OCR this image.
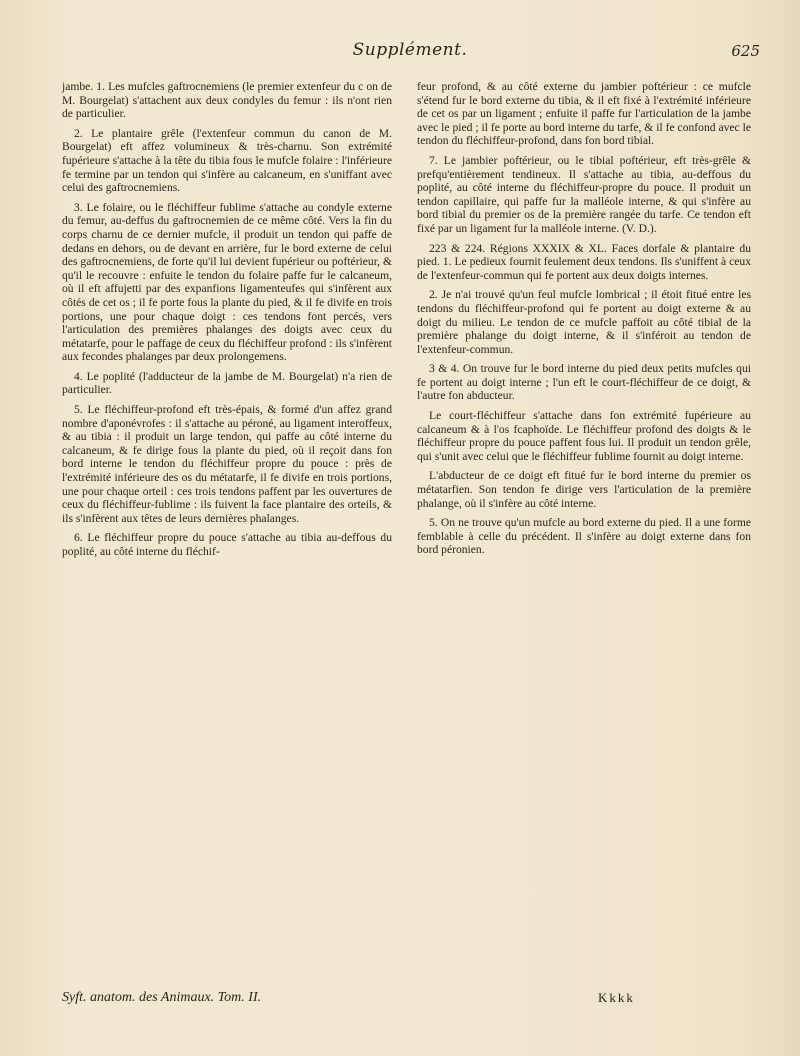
Supplément.	625

jambe. 1. Les mufcles gaftrocnemiens (le premier extenfeur du c on de M. Bourgelat) s'attachent aux deux condyles du femur : ils n'ont rien de particulier.

2. Le plantaire grêle (l'extenfeur commun du canon de M. Bourgelat) eft affez volumineux & très-charnu. Son extrémité fupérieure s'attache à la tête du tibia fous le mufcle folaire : l'inférieure fe termine par un tendon qui s'infère au calcaneum, en s'uniffant avec celui des gaftrocnemiens.

3. Le folaire, ou le fléchiffeur fublime s'attache au condyle externe du femur, au-deffus du gaftrocnemien de ce même côté. Vers la fin du corps charnu de ce dernier mufcle, il produit un tendon qui paffe de dedans en dehors, ou de devant en arrière, fur le bord externe de celui des gaftrocnemiens, de forte qu'il lui devient fupérieur ou poftérieur, & qu'il le recouvre : enfuite le tendon du folaire paffe fur le calcaneum, où il eft affujetti par des expanfions ligamenteufes qui s'infèrent aux côtés de cet os ; il fe porte fous la plante du pied, & il fe divife en trois portions, une pour chaque doigt : ces tendons font percés, vers l'articulation des premières phalanges des doigts avec ceux du métatarfe, pour le paffage de ceux du fléchiffeur profond : ils s'infèrent aux fecondes phalanges par deux prolongemens.

4. Le poplité (l'adducteur de la jambe de M. Bourgelat) n'a rien de particulier.

5. Le fléchiffeur-profond eft très-épais, & formé d'un affez grand nombre d'aponévrofes : il s'attache au péroné, au ligament interoffeux, & au tibia : il produit un large tendon, qui paffe au côté interne du calcaneum, & fe dirige fous la plante du pied, où il reçoit dans fon bord interne le tendon du fléchiffeur propre du pouce : près de l'extrémité inférieure des os du métatarfe, il fe divife en trois portions, une pour chaque orteil : ces trois tendons paffent par les ouvertures de ceux du fléchiffeur-fublime : ils fuivent la face plantaire des orteils, & ils s'infèrent aux têtes de leurs dernières phalanges.

6. Le fléchiffeur propre du pouce s'attache au tibia au-deffous du poplité, au côté interne du fléchif-

feur profond, & au côté externe du jambier poftérieur : ce mufcle s'étend fur le bord externe du tibia, & il eft fixé à l'extrémité inférieure de cet os par un ligament ; enfuite il paffe fur l'articulation de la jambe avec le pied ; il fe porte au bord interne du tarfe, & il fe confond avec le tendon du fléchiffeur-profond, dans fon bord tibial.

7. Le jambier poftérieur, ou le tibial poftérieur, eft très-grêle & prefqu'entièrement tendineux. Il s'attache au tibia, au-deffous du poplité, au côté interne du fléchiffeur-propre du pouce. Il produit un tendon capillaire, qui paffe fur la malléole interne, & qui s'infère au bord tibial du premier os de la première rangée du tarfe. Ce tendon eft fixé par un ligament fur la malléole interne. (V. D.).

223 & 224. Régions XXXIX & XL. Faces dorfale & plantaire du pied. 1. Le pedieux fournit feulement deux tendons. Ils s'uniffent à ceux de l'extenfeur-commun qui fe portent aux deux doigts internes.

2. Je n'ai trouvé qu'un feul mufcle lombrical ; il étoit fitué entre les tendons du fléchiffeur-profond qui fe portent au doigt externe & au doigt du milieu. Le tendon de ce mufcle paffoit au côté tibial de la première phalange du doigt interne, & il s'inféroit au tendon de l'extenfeur-commun.

3 & 4. On trouve fur le bord interne du pied deux petits mufcles qui fe portent au doigt interne ; l'un eft le court-fléchiffeur de ce doigt, & l'autre fon abducteur.

Le court-fléchiffeur s'attache dans fon extrémité fupérieure au calcaneum & à l'os fcaphoïde. Le fléchiffeur profond des doigts & le fléchiffeur propre du pouce paffent fous lui. Il produit un tendon grêle, qui s'unit avec celui que le fléchiffeur fublime fournit au doigt interne.

L'abducteur de ce doigt eft fitué fur le bord interne du premier os métatarfien. Son tendon fe dirige vers l'articulation de la première phalange, où il s'infère au côté interne.

5. On ne trouve qu'un mufcle au bord externe du pied. Il a une forme femblable à celle du précédent. Il s'infère au doigt externe dans fon bord péronien.

Syft. anatom. des Animaux. Tom. II.	Kkkk
